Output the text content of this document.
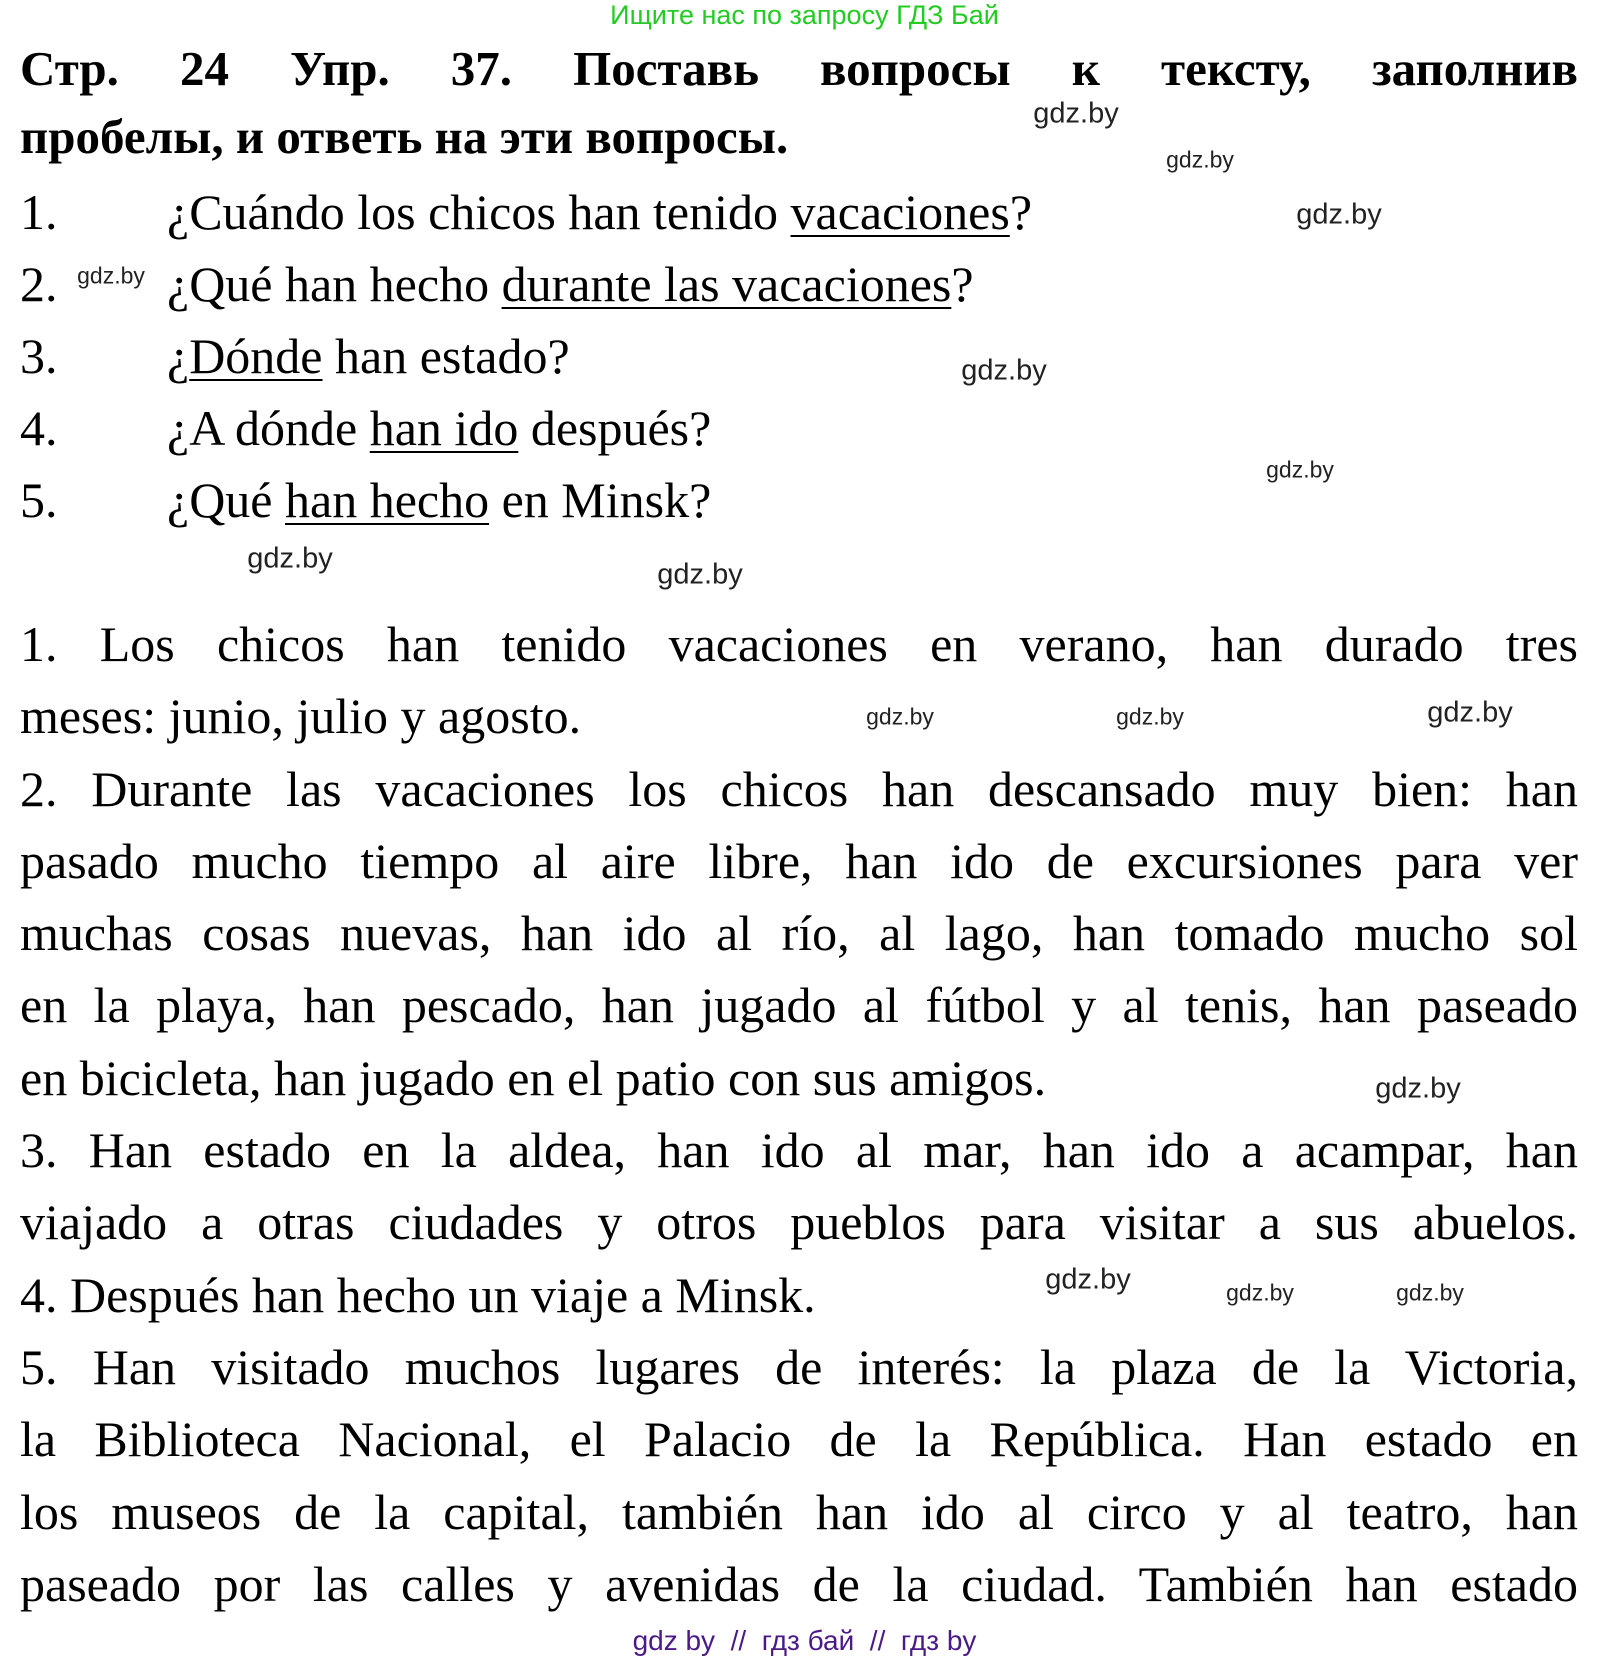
Ищите нас по запросу ГДЗ Бай
Стр. 24 Упр. 37. Поставь вопросы к тексту, заполнив
пробелы, и ответь на эти вопросы.
1. ¿Cuándo los chicos han tenido vacaciones?
2. ¿Qué han hecho durante las vacaciones?
3. ¿Dónde han estado?
4. ¿A dónde han ido después?
5. ¿Qué han hecho en Minsk?
1. Los chicos han tenido vacaciones en verano, han durado tres
meses: junio, julio y agosto.
2. Durante las vacaciones los chicos han descansado muy bien: han
pasado mucho tiempo al aire libre, han ido de excursiones para ver
muchas cosas nuevas, han ido al río, al lago, han tomado mucho sol
en la playa, han pescado, han jugado al fútbol y al tenis, han paseado
en bicicleta, han jugado en el patio con sus amigos.
3. Han estado en la aldea, han ido al mar, han ido a acampar, han
viajado a otras ciudades y otros pueblos para visitar a sus abuelos.
4. Después han hecho un viaje a Minsk.
5. Han visitado muchos lugares de interés: la plaza de la Victoria,
la Biblioteca Nacional, el Palacio de la República. Han estado en
los museos de la capital, también han ido al circo y al teatro, han
paseado por las calles y avenidas de la ciudad. También han estado
gdz.by
gdz.by
gdz.by
gdz.by
gdz.by
gdz.by
gdz.by	gdz.by
gdz.by	gdz.by	gdz.by
gdz.by
gdz.by	gdz.by	gdz.by
gdz by  //  гдз бай  //  гдз by
